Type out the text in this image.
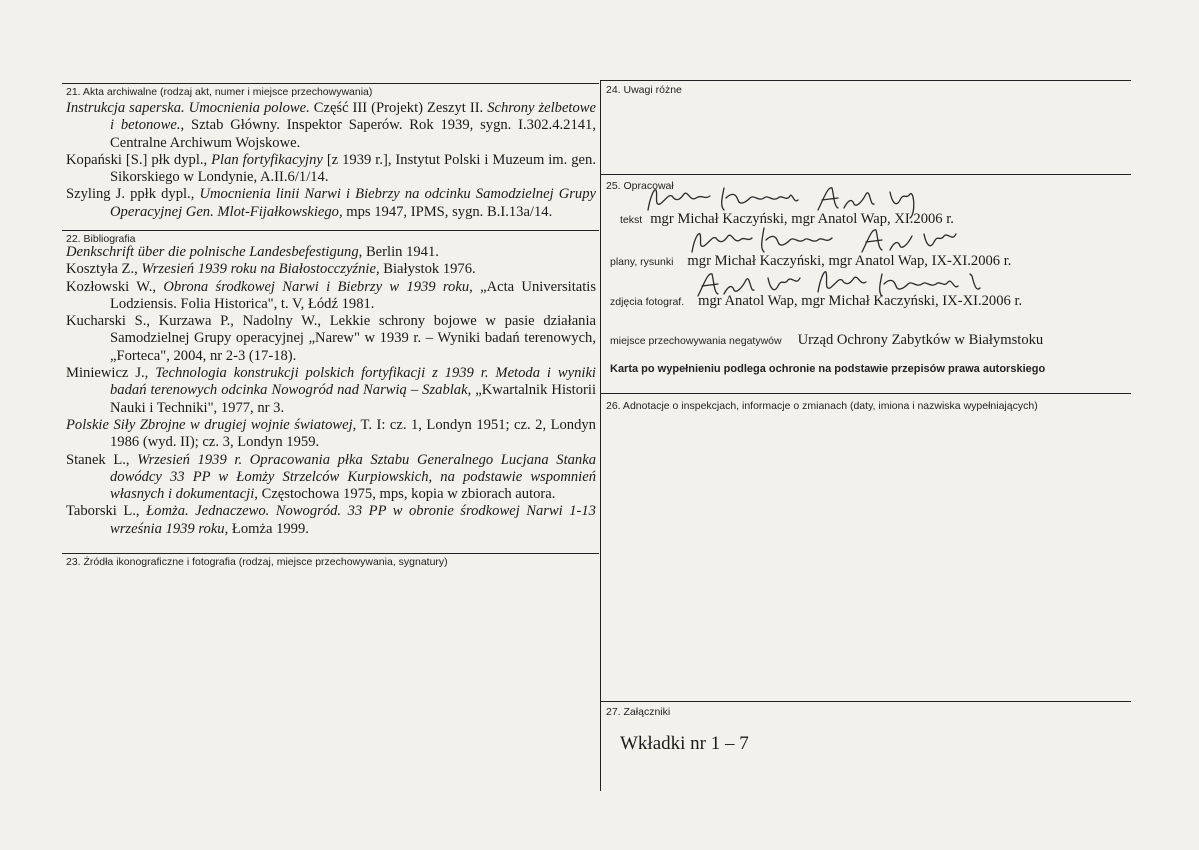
21. Akta archiwalne (rodzaj akt, numer i miejsce przechowywania)

Instrukcja saperska. Umocnienia polowe. Część III (Projekt) Zeszyt II. Schrony żelbetowe i betonowe., Sztab Główny. Inspektor Saperów. Rok 1939, sygn. I.302.4.2141, Centralne Archiwum Wojskowe.

Kopański [S.] płk dypl., Plan fortyfikacyjny [z 1939 r.], Instytut Polski i Muzeum im. gen. Sikorskiego w Londynie, A.II.6/1/14.

Szyling J. ppłk dypl., Umocnienia linii Narwi i Biebrzy na odcinku Samodzielnej Grupy Operacyjnej Gen. Mlot-Fijałkowskiego, mps 1947, IPMS, sygn. B.I.13a/14.

22. Bibliografia

Denkschrift über die polnische Landesbefestigung, Berlin 1941.

Kosztyła Z., Wrzesień 1939 roku na Białostocczyźnie, Białystok 1976.

Kozłowski W., Obrona środkowej Narwi i Biebrzy w 1939 roku, „Acta Universitatis Lodziensis. Folia Historica", t. V, Łódź 1981.

Kucharski S., Kurzawa P., Nadolny W., Lekkie schrony bojowe w pasie działania Samodzielnej Grupy operacyjnej „Narew" w 1939 r. – Wyniki badań terenowych, „Forteca", 2004, nr 2-3 (17-18).

Miniewicz J., Technologia konstrukcji polskich fortyfikacji z 1939 r. Metoda i wyniki badań terenowych odcinka Nowogród nad Narwią – Szablak, „Kwartalnik Historii Nauki i Techniki", 1977, nr 3.

Polskie Siły Zbrojne w drugiej wojnie światowej, T. I: cz. 1, Londyn 1951; cz. 2, Londyn 1986 (wyd. II); cz. 3, Londyn 1959.

Stanek L., Wrzesień 1939 r. Opracowania płka Sztabu Generalnego Lucjana Stanka dowódcy 33 PP w Łomży Strzelców Kurpiowskich, na podstawie wspomnień własnych i dokumentacji, Częstochowa 1975, mps, kopia w zbiorach autora.

Taborski L., Łomża. Jednaczewo. Nowogród. 33 PP w obronie środkowej Narwi 1-13 września 1939 roku, Łomża 1999.

23. Źródła ikonograficzne i fotografia (rodzaj, miejsce przechowywania, sygnatury)
24. Uwagi różne
25. Opracował
tekst mgr Michał Kaczyński, mgr Anatol Wap, XI.2006 r.
plany, rysunki mgr Michał Kaczyński, mgr Anatol Wap, IX-XI.2006 r.
zdjęcia fotograf. mgr Anatol Wap, mgr Michał Kaczyński, IX-XI.2006 r.
miejsce przechowywania negatywów Urząd Ochrony Zabytków w Białymstoku
Karta po wypełnieniu podlega ochronie na podstawie przepisów prawa autorskiego
26. Adnotacje o inspekcjach, informacje o zmianach (daty, imiona i nazwiska wypełniających)
27. Załączniki
Wkładki nr 1 – 7
